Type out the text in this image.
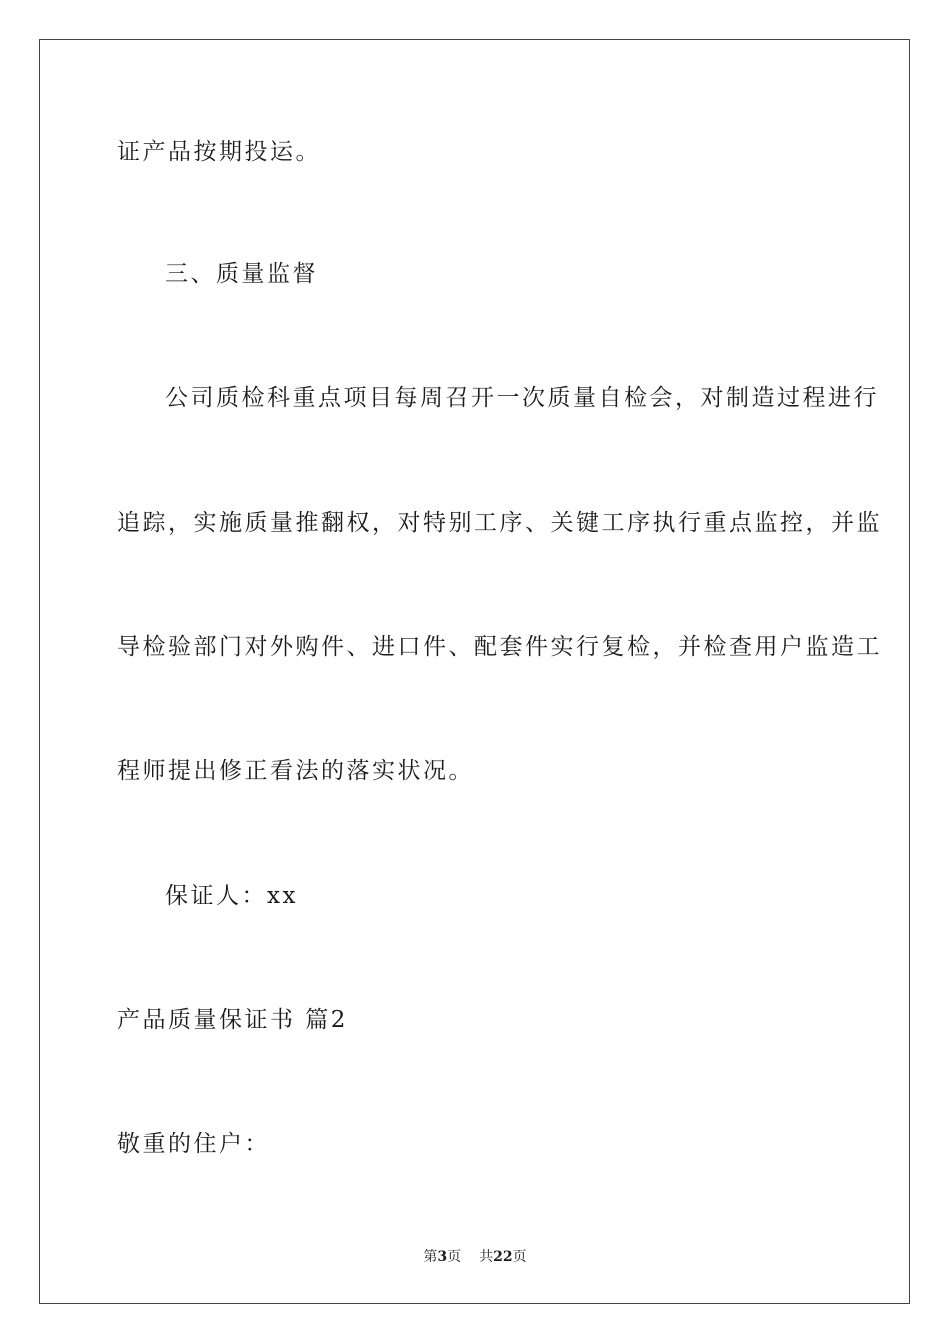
证产品按期投运。
三、质量监督
公司质检科重点项目每周召开一次质量自检会，对制造过程进行
追踪，实施质量推翻权，对特别工序、关键工序执行重点监控，并监
导检验部门对外购件、进口件、配套件实行复检，并检查用户监造工
程师提出修正看法的落实状况。
保证人：xx
产品质量保证书 篇2
敬重的住户：
第3页 共22页
